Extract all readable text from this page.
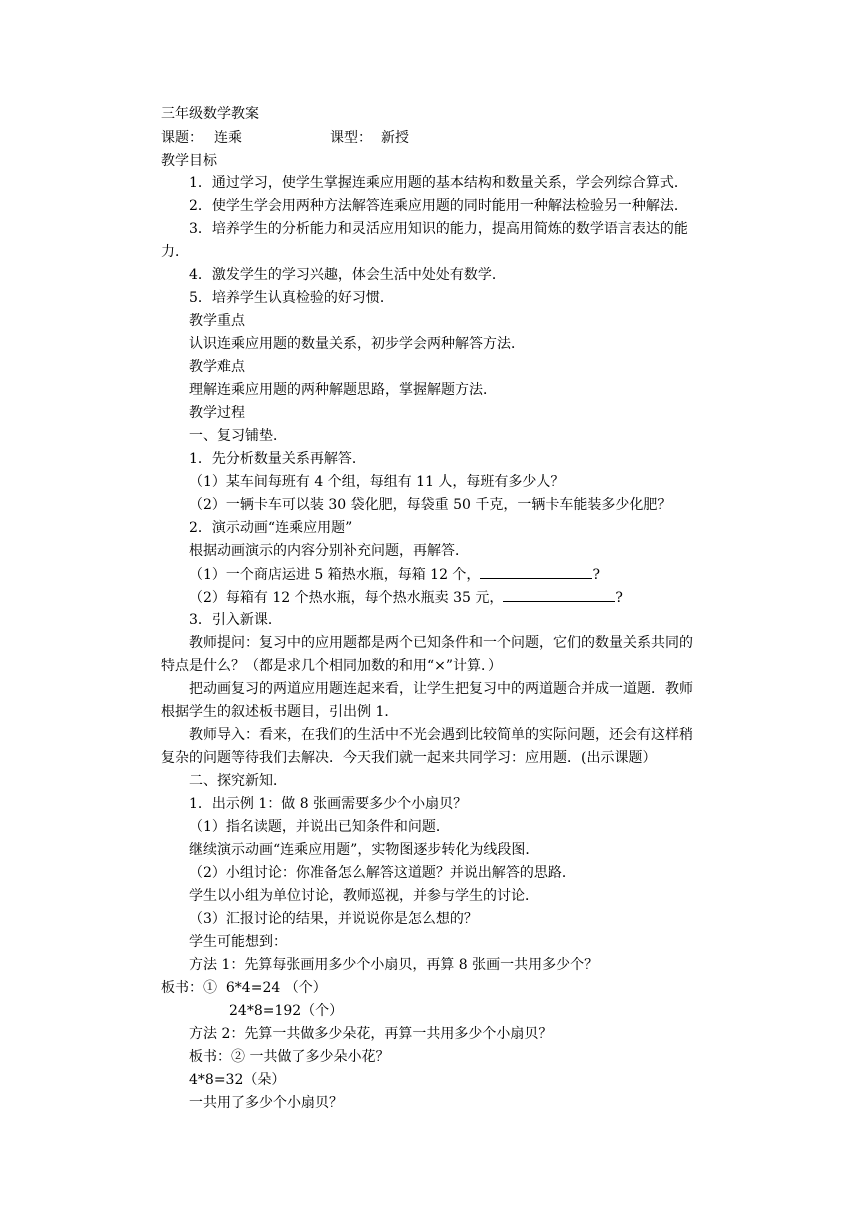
三年级数学教案
课题： 连乘	课型： 新授
教学目标
1．通过学习，使学生掌握连乘应用题的基本结构和数量关系，学会列综合算式．
2．使学生学会用两种方法解答连乘应用题的同时能用一种解法检验另一种解法．
3．培养学生的分析能力和灵活应用知识的能力，提高用简炼的数学语言表达的能
力．
4．激发学生的学习兴趣，体会生活中处处有数学．
5．培养学生认真检验的好习惯．
教学重点
认识连乘应用题的数量关系，初步学会两种解答方法．
教学难点
理解连乘应用题的两种解题思路，掌握解题方法．
教学过程
一、复习铺垫．
1．先分析数量关系再解答．
（1）某车间每班有 4 个组，每组有 11 人，每班有多少人？
（2）一辆卡车可以装 30 袋化肥，每袋重 50 千克，一辆卡车能装多少化肥？
2．演示动画“连乘应用题”
根据动画演示的内容分别补充问题，再解答．
（1）一个商店运进 5 箱热水瓶，每箱 12 个，	?
（2）每箱有 12 个热水瓶，每个热水瓶卖 35 元，	?
3．引入新课．
教师提问：复习中的应用题都是两个已知条件和一个问题，它们的数量关系共同的
特点是什么？（都是求几个相同加数的和用“×”计算．）
把动画复习的两道应用题连起来看，让学生把复习中的两道题合并成一道题．教师
根据学生的叙述板书题目，引出例 1．
教师导入：看来，在我们的生活中不光会遇到比较简单的实际问题，还会有这样稍
复杂的问题等待我们去解决．今天我们就一起来共同学习：应用题．(出示课题）
二、探究新知．
1．出示例 1：做 8 张画需要多少个小扇贝？
（1）指名读题，并说出已知条件和问题．
继续演示动画“连乘应用题”，实物图逐步转化为线段图．
（2）小组讨论：你准备怎么解答这道题？并说出解答的思路．
学生以小组为单位讨论，教师巡视，并参与学生的讨论．
（3）汇报讨论的结果，并说说你是怎么想的？
学生可能想到：
方法 1：先算每张画用多少个小扇贝，再算 8 张画一共用多少个？
板书：①  6*4=24 （个）
24*8=192（个）
方法 2：先算一共做多少朵花，再算一共用多少个小扇贝？
板书：② 一共做了多少朵小花？
4*8=32（朵）
一共用了多少个小扇贝？
